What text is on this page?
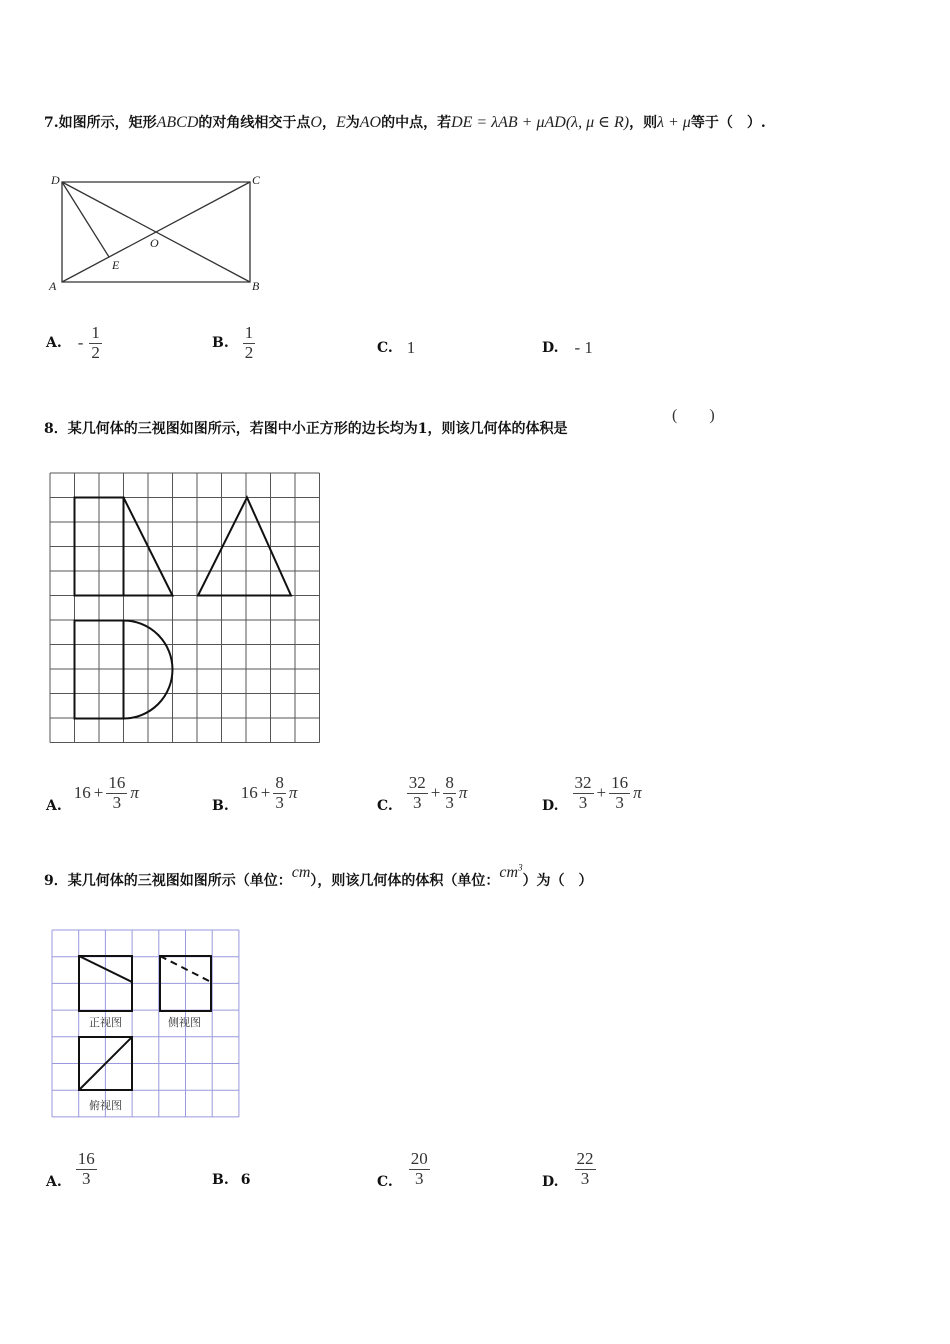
7.如图所示，矩形ABCD的对角线相交于点O，E为AO的中点，若DE = λAB + μAD(λ, μ ∈ R)，则λ + μ等于（　）.
D	C
A	B
O
E
A. - $\frac{1}{2}$	B. $\frac{1}{2}$	C. 1	D. - 1
8．某几何体的三视图如图所示，若图中小正方形的边长均为1，则该几何体的体积是
(　　)
A.
$16 + \frac{16}{3}$ π
B.
$16 + \frac{8}{3}$ π
C. $\frac{32}{3} + \frac{8}{3}$ π
D. $\frac{32}{3} + \frac{16}{3}$ π
9．某几何体的三视图如图所示（单位：cm），则该几何体的体积（单位：$cm^3$）为（　）
正视图	侧视图
俯视图
A. $\frac{16}{3}$	B. 6	C. $\frac{20}{3}$	D. $\frac{22}{3}$
